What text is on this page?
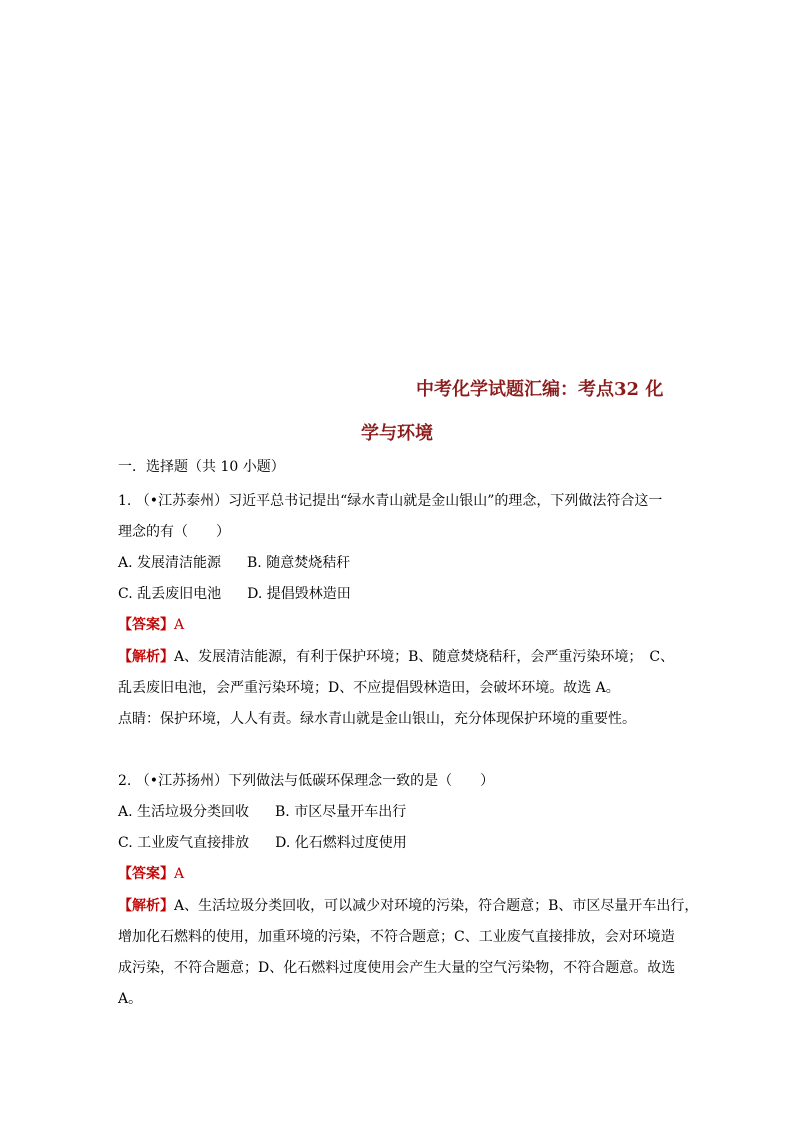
中考化学试题汇编：考点32 化
学与环境
一．选择题（共 10 小题）
1. （•江苏泰州）习近平总书记提出“绿水青山就是金山银山”的理念，下列做法符合这一
理念的有（　　）
A. 发展清洁能源 B. 随意焚烧秸秆
C. 乱丢废旧电池 D. 提倡毁林造田
【答案】A
【解析】A、发展清洁能源，有利于保护环境；B、随意焚烧秸秆，会严重污染环境；　C、
乱丢废旧电池，会严重污染环境；D、不应提倡毁林造田，会破坏环境。故选 A。
点睛：保护环境，人人有责。绿水青山就是金山银山，充分体现保护环境的重要性。
2. （•江苏扬州）下列做法与低碳环保理念一致的是（　　）
A. 生活垃圾分类回收 B. 市区尽量开车出行
C. 工业废气直接排放 D. 化石燃料过度使用
【答案】A
【解析】A、生活垃圾分类回收，可以减少对环境的污染，符合题意；B、市区尽量开车出行，
增加化石燃料的使用，加重环境的污染，不符合题意；C、工业废气直接排放，会对环境造
成污染，不符合题意；D、化石燃料过度使用会产生大量的空气污染物，不符合题意。故选
A。
